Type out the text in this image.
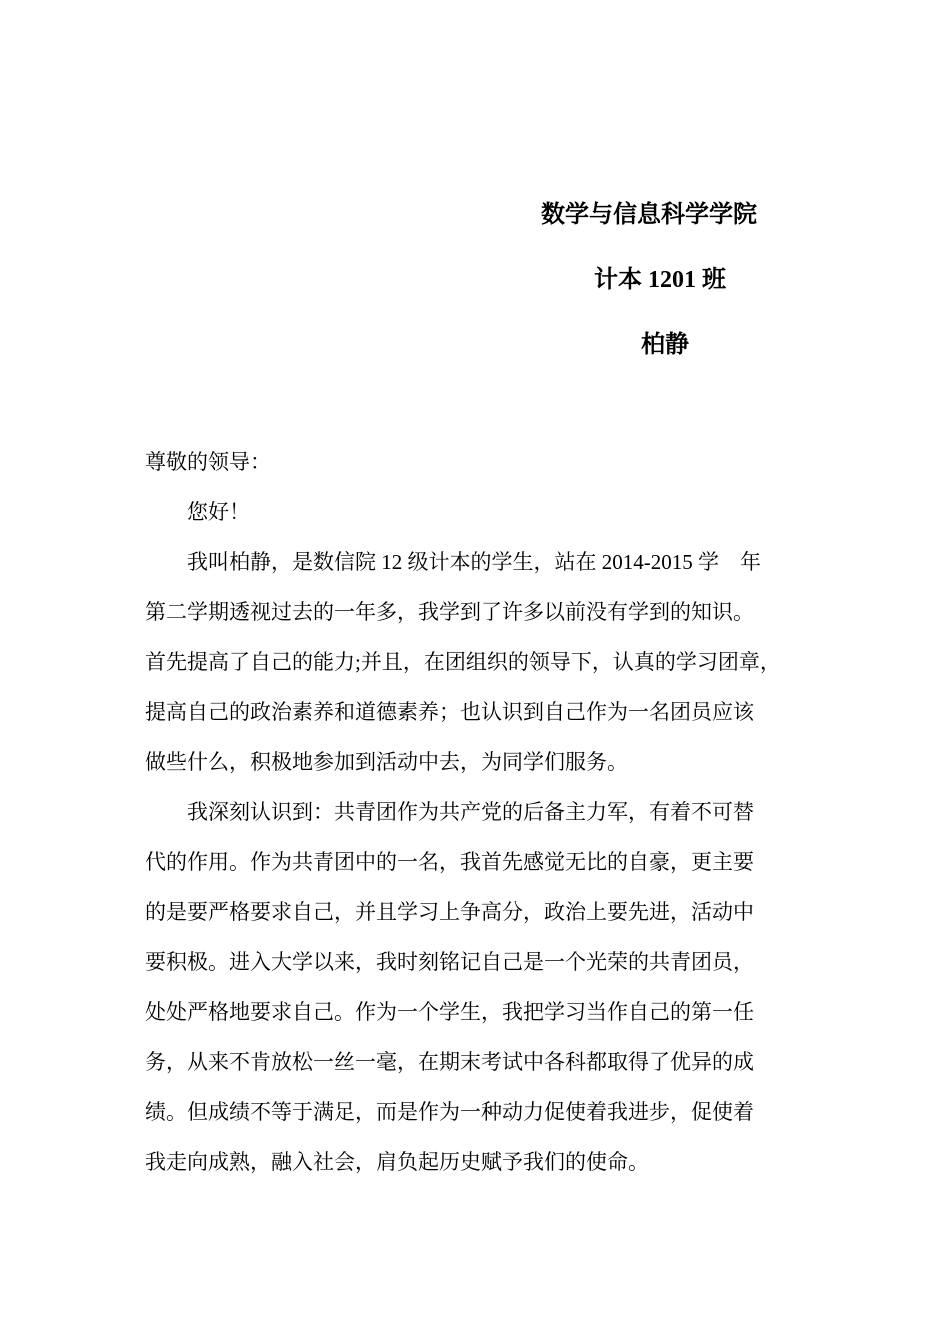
数学与信息科学学院
计本 1201 班
柏静

尊敬的领导：

您好！

我叫柏静，是数信院 12 级计本的学生，站在 2014-2015 学　年
第二学期透视过去的一年多，我学到了许多以前没有学到的知识。
首先提高了自己的能力;并且，在团组织的领导下，认真的学习团章，
提高自己的政治素养和道德素养；也认识到自己作为一名团员应该
做些什么，积极地参加到活动中去，为同学们服务。
我深刻认识到：共青团作为共产党的后备主力军，有着不可替
代的作用。作为共青团中的一名，我首先感觉无比的自豪，更主要
的是要严格要求自己，并且学习上争高分，政治上要先进，活动中
要积极。进入大学以来，我时刻铭记自己是一个光荣的共青团员，
处处严格地要求自己。作为一个学生，我把学习当作自己的第一任
务，从来不肯放松一丝一毫，在期末考试中各科都取得了优异的成
绩。但成绩不等于满足，而是作为一种动力促使着我进步，促使着
我走向成熟，融入社会，肩负起历史赋予我们的使命。
